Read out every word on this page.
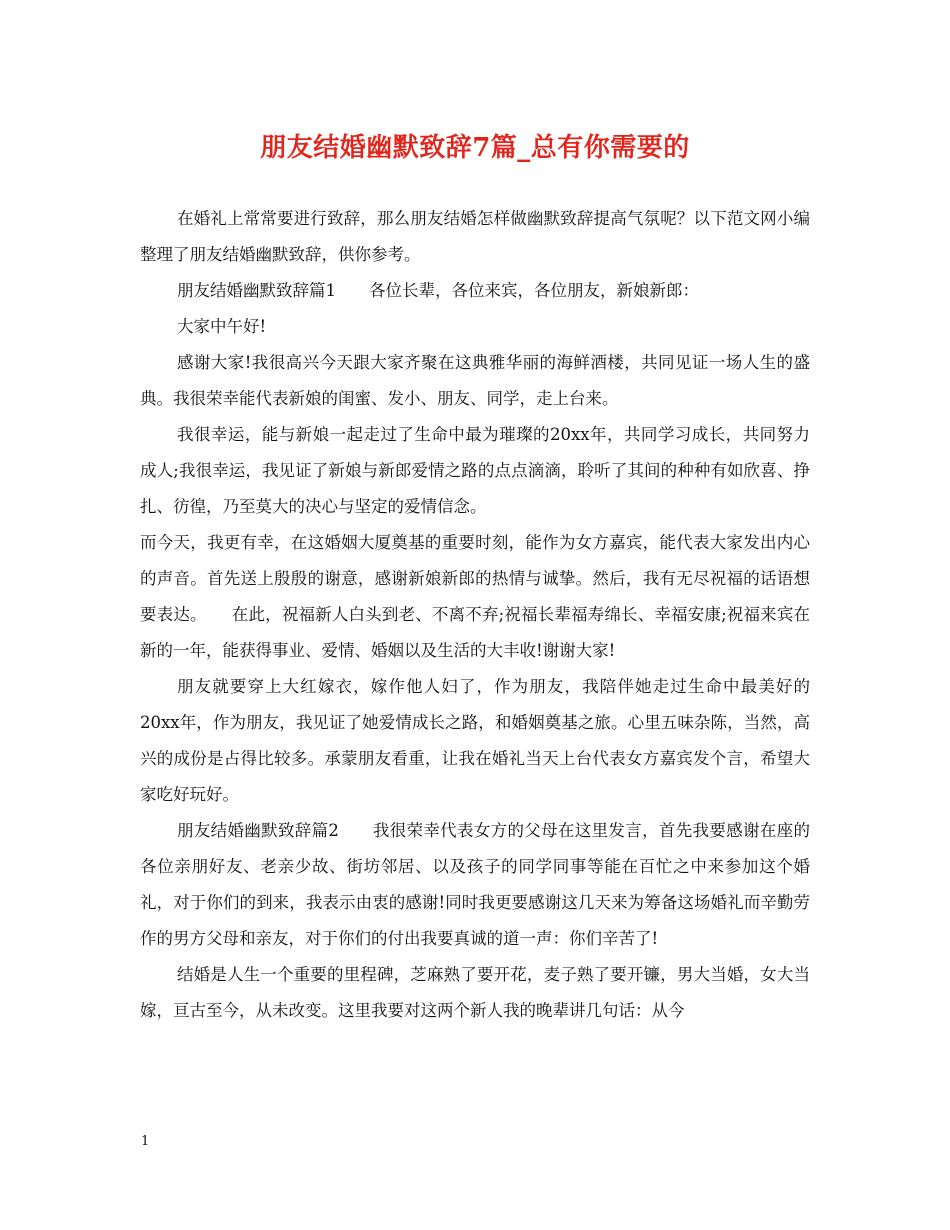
朋友结婚幽默致辞7篇_总有你需要的

在婚礼上常常要进行致辞，那么朋友结婚怎样做幽默致辞提高气氛呢？以下范文网小编整理了朋友结婚幽默致辞，供你参考。

朋友结婚幽默致辞篇1　　各位长辈，各位来宾，各位朋友，新娘新郎：

大家中午好!

感谢大家!我很高兴今天跟大家齐聚在这典雅华丽的海鲜酒楼，共同见证一场人生的盛典。我很荣幸能代表新娘的闺蜜、发小、朋友、同学，走上台来。

我很幸运，能与新娘一起走过了生命中最为璀璨的20xx年，共同学习成长，共同努力成人;我很幸运，我见证了新娘与新郎爱情之路的点点滴滴，聆听了其间的种种有如欣喜、挣扎、彷徨，乃至莫大的决心与坚定的爱情信念。

而今天，我更有幸，在这婚姻大厦奠基的重要时刻，能作为女方嘉宾，能代表大家发出内心的声音。首先送上殷殷的谢意，感谢新娘新郎的热情与诚挚。然后，我有无尽祝福的话语想要表达。　　在此，祝福新人白头到老、不离不弃;祝福长辈福寿绵长、幸福安康;祝福来宾在新的一年，能获得事业、爱情、婚姻以及生活的大丰收!谢谢大家!

朋友就要穿上大红嫁衣，嫁作他人妇了，作为朋友，我陪伴她走过生命中最美好的20xx年，作为朋友，我见证了她爱情成长之路，和婚姻奠基之旅。心里五味杂陈，当然，高兴的成份是占得比较多。承蒙朋友看重，让我在婚礼当天上台代表女方嘉宾发个言，希望大家吃好玩好。

朋友结婚幽默致辞篇2　　我很荣幸代表女方的父母在这里发言，首先我要感谢在座的各位亲朋好友、老亲少故、街坊邻居、以及孩子的同学同事等能在百忙之中来参加这个婚礼，对于你们的到来，我表示由衷的感谢!同时我更要感谢这几天来为筹备这场婚礼而辛勤劳作的男方父母和亲友，对于你们的付出我要真诚的道一声：你们辛苦了!

结婚是人生一个重要的里程碑，芝麻熟了要开花，麦子熟了要开镰，男大当婚，女大当嫁，亘古至今，从未改变。这里我要对这两个新人我的晚辈讲几句话：从今

1
